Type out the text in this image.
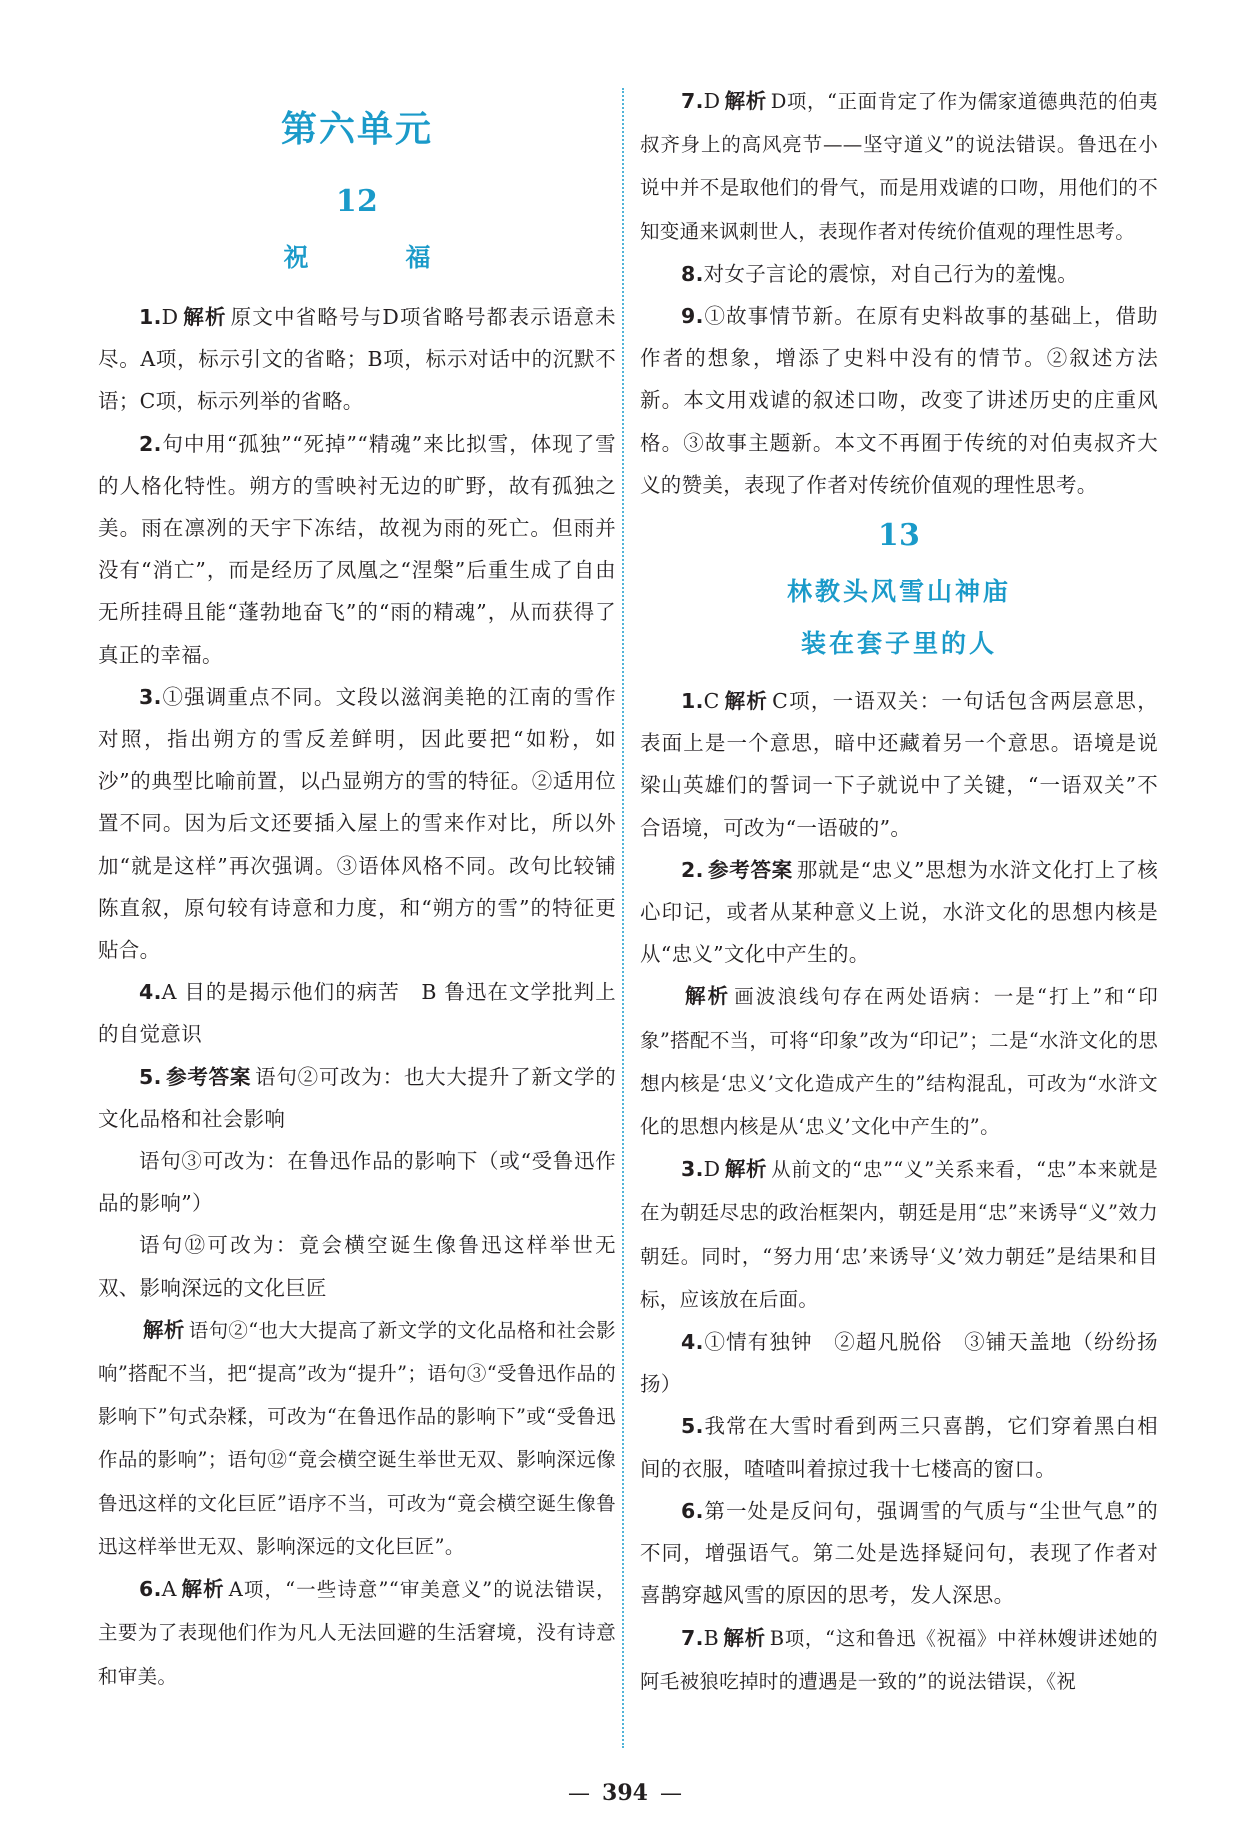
第六单元
12
祝　福

1.D 解析 原文中省略号与D项省略号都表示语意未尽。A项，标示引文的省略；B项，标示对话中的沉默不语；C项，标示列举的省略。

2.句中用“孤独”“死掉”“精魂”来比拟雪，体现了雪的人格化特性。朔方的雪映衬无边的旷野，故有孤独之美。雨在凛冽的天宇下冻结，故视为雨的死亡。但雨并没有“消亡”，而是经历了凤凰之“涅槃”后重生成了自由无所挂碍且能“蓬勃地奋飞”的“雨的精魂”，从而获得了真正的幸福。

3.①强调重点不同。文段以滋润美艳的江南的雪作对照，指出朔方的雪反差鲜明，因此要把“如粉，如沙”的典型比喻前置，以凸显朔方的雪的特征。②适用位置不同。因为后文还要插入屋上的雪来作对比，所以外加“就是这样”再次强调。③语体风格不同。改句比较铺陈直叙，原句较有诗意和力度，和“朔方的雪”的特征更贴合。

4.A 目的是揭示他们的病苦　B 鲁迅在文学批判上的自觉意识

5. 参考答案 语句②可改为：也大大提升了新文学的文化品格和社会影响

语句③可改为：在鲁迅作品的影响下（或“受鲁迅作品的影响”）

语句⑫可改为：竟会横空诞生像鲁迅这样举世无双、影响深远的文化巨匠

解析 语句②“也大大提高了新文学的文化品格和社会影响”搭配不当，把“提高”改为“提升”；语句③“受鲁迅作品的影响下”句式杂糅，可改为“在鲁迅作品的影响下”或“受鲁迅作品的影响”；语句⑫“竟会横空诞生举世无双、影响深远像鲁迅这样的文化巨匠”语序不当，可改为“竟会横空诞生像鲁迅这样举世无双、影响深远的文化巨匠”。

6.A 解析 A项，“一些诗意”“审美意义”的说法错误，主要为了表现他们作为凡人无法回避的生活窘境，没有诗意和审美。

7.D 解析 D项，“正面肯定了作为儒家道德典范的伯夷叔齐身上的高风亮节——坚守道义”的说法错误。鲁迅在小说中并不是取他们的骨气，而是用戏谑的口吻，用他们的不知变通来讽刺世人，表现作者对传统价值观的理性思考。

8.对女子言论的震惊，对自己行为的羞愧。

9.①故事情节新。在原有史料故事的基础上，借助作者的想象，增添了史料中没有的情节。②叙述方法新。本文用戏谑的叙述口吻，改变了讲述历史的庄重风格。③故事主题新。本文不再囿于传统的对伯夷叔齐大义的赞美，表现了作者对传统价值观的理性思考。

13
林教头风雪山神庙
装在套子里的人

1.C 解析 C项，一语双关：一句话包含两层意思，表面上是一个意思，暗中还藏着另一个意思。语境是说梁山英雄们的誓词一下子就说中了关键，“一语双关”不合语境，可改为“一语破的”。

2. 参考答案 那就是“忠义”思想为水浒文化打上了核心印记，或者从某种意义上说，水浒文化的思想内核是从“忠义”文化中产生的。

解析 画波浪线句存在两处语病：一是“打上”和“印象”搭配不当，可将“印象”改为“印记”；二是“水浒文化的思想内核是‘忠义’文化造成产生的”结构混乱，可改为“水浒文化的思想内核是从‘忠义’文化中产生的”。

3.D 解析 从前文的“忠”“义”关系来看，“忠”本来就是在为朝廷尽忠的政治框架内，朝廷是用“忠”来诱导“义”效力朝廷。同时，“努力用‘忠’来诱导‘义’效力朝廷”是结果和目标，应该放在后面。

4.①情有独钟　②超凡脱俗　③铺天盖地（纷纷扬扬）

5.我常在大雪时看到两三只喜鹊，它们穿着黑白相间的衣服，喳喳叫着掠过我十七楼高的窗口。

6.第一处是反问句，强调雪的气质与“尘世气息”的不同，增强语气。第二处是选择疑问句，表现了作者对喜鹊穿越风雪的原因的思考，发人深思。

7.B 解析 B项，“这和鲁迅《祝福》中祥林嫂讲述她的阿毛被狼吃掉时的遭遇是一致的”的说法错误，《祝

— 394 —
